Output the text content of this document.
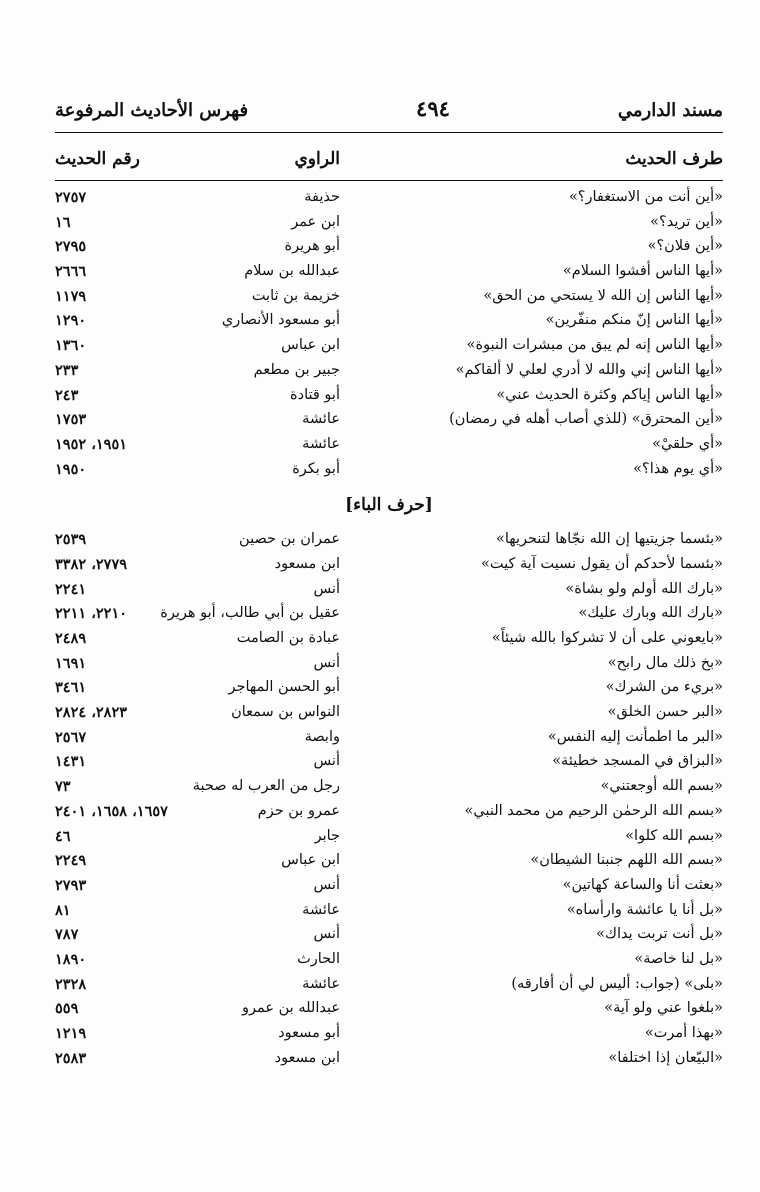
مسند الدارمي
٤٩٤
فهرس الأحاديث المرفوعة
طرف الحديث
الراوي
رقم الحديث
«أين أنت من الاستغفار؟»
حذيفة
٢٧٥٧
«أين تريد؟»
ابن عمر
١٦
«أين فلان؟»
أبو هريرة
٢٧٩٥
«أيها الناس أفشوا السلام»
عبدالله بن سلام
٢٦٦٦
«أيها الناس إن الله لا يستحي من الحق»
خزيمة بن ثابت
١١٧٩
«أيها الناس إنّ منكم منفّرين»
أبو مسعود الأنصاري
١٢٩٠
«أيها الناس إنه لم يبق من مبشرات النبوة»
ابن عباس
١٣٦٠
«أيها الناس إني والله لا أدري لعلي لا ألقاكم»
جبير بن مطعم
٢٣٣
«أيها الناس إياكم وكثرة الحديث عني»
أبو قتادة
٢٤٣
«أين المحترق» (للذي أصاب أهله في رمضان)
عائشة
١٧٥٣
«أي حلقيْ»
عائشة
١٩٥١، ١٩٥٢
«أي يوم هذا؟»
أبو بكرة
١٩٥٠
[حرف الباء]
«بئسما جزيتيها إن الله نجّاها لتنحريها»
عمران بن حصين
٢٥٣٩
«بئسما لأحدكم أن يقول نسيت آية كيت»
ابن مسعود
٢٧٧٩، ٣٣٨٢
«بارك الله أولم ولو بشاة»
أنس
٢٢٤١
«بارك الله وبارك عليك»
عقيل بن أبي طالب، أبو هريرة
٢٢١٠، ٢٢١١
«بايعوني على أن لا تشركوا بالله شيئاً»
عبادة بن الصامت
٢٤٨٩
«بخ ذلك مال رابح»
أنس
١٦٩١
«بريء من الشرك»
أبو الحسن المهاجر
٣٤٦١
«البر حسن الخلق»
النواس بن سمعان
٢٨٢٣، ٢٨٢٤
«البر ما اطمأنت إليه النفس»
وابصة
٢٥٦٧
«البزاق في المسجد خطيئة»
أنس
١٤٣١
«بسم الله أوجعتني»
رجل من العرب له صحبة
٧٣
«بسم الله الرحمٰن الرحيم من محمد النبي»
عمرو بن حزم
١٦٥٧، ١٦٥٨، ٢٤٠١
«بسم الله كلوا»
جابر
٤٦
«بسم الله اللهم جنبنا الشيطان»
ابن عباس
٢٢٤٩
«بعثت أنا والساعة كهاتين»
أنس
٢٧٩٣
«بل أنا يا عائشة وارأساه»
عائشة
٨١
«بل أنت تربت يداك»
أنس
٧٨٧
«بل لنا خاصة»
الحارث
١٨٩٠
«بلى» (جواب: أليس لي أن أفارقه)
عائشة
٢٣٢٨
«بلغوا عني ولو آية»
عبدالله بن عمرو
٥٥٩
«بهذا أمرت»
أبو مسعود
١٢١٩
«البيّعان إذا اختلفا»
ابن مسعود
٢٥٨٣
